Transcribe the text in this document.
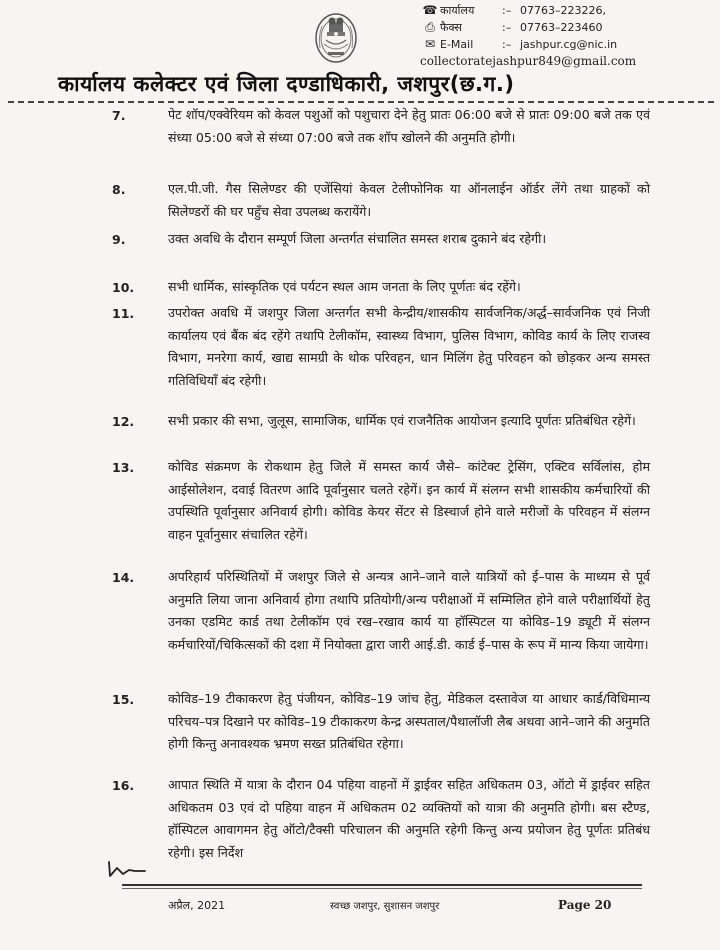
☎ कार्यालय	:– 07763–223226,
⎙ फैक्स	:– 07763–223460
✉ E-Mail	:– jashpur.cg@nic.in
collectoratejashpur849@gmail.com
कार्यालय कलेक्टर एवं जिला दण्डाधिकारी, जशपुर(छ.ग.)
7.	पेट शॉप/एक्वेरियम को केवल पशुओं को पशुचारा देने हेतु प्रातः 06:00 बजे से प्रातः 09:00 बजे तक एवं संध्या 05:00 बजे से संध्या 07:00 बजे तक शॉप खोलने की अनुमति होगी।
8.	एल.पी.जी. गैस सिलेण्डर की एजेंसियां केवल टेलीफोनिक या ऑनलाईन ऑर्डर लेंगे तथा ग्राहकों को सिलेण्डरों की घर पहुँच सेवा उपलब्ध करायेंगे।
9.	उक्त अवधि के दौरान सम्पूर्ण जिला अन्तर्गत संचालित समस्त शराब दुकाने बंद रहेगी।
10.	सभी धार्मिक, सांस्कृतिक एवं पर्यटन स्थल आम जनता के लिए पूर्णतः बंद रहेंगे।
11.	उपरोक्त अवधि में जशपुर जिला अन्तर्गत सभी केन्द्रीय/शासकीय सार्वजनिक/अर्द्ध–सार्वजनिक एवं निजी कार्यालय एवं बैंक बंद रहेंगे तथापि टेलीकॉम, स्वास्थ्य विभाग, पुलिस विभाग, कोविड कार्य के लिए राजस्व विभाग, मनरेगा कार्य, खाद्य सामग्री के थोक परिवहन, धान मिलिंग हेतु परिवहन को छोड़कर अन्य समस्त गतिविधियॉं बंद रहेगी।
12.	सभी प्रकार की सभा, जुलूस, सामाजिक, धार्मिक एवं राजनैतिक आयोजन इत्यादि पूर्णतः प्रतिबंधित रहेगें।
13.	कोविड संक्रमण के रोकथाम हेतु जिले में समस्त कार्य जैसे– कांटेक्ट ट्रेसिंग, एक्टिव सर्विलांस, होम आईसोलेशन, दवाई वितरण आदि पूर्वानुसार चलते रहेगें। इन कार्य में संलग्न सभी शासकीय कर्मचारियों की उपस्थिति पूर्वानुसार अनिवार्य होगी। कोविड केयर सेंटर से डिस्चार्ज होने वाले मरीजों के परिवहन में संलग्न वाहन पूर्वानुसार संचालित रहेगें।
14.	अपरिहार्य परिस्थितियों में जशपुर जिले से अन्यत्र आने–जाने वाले यात्रियों को ई–पास के माध्यम से पूर्व अनुमति लिया जाना अनिवार्य होगा तथापि प्रतियोगी/अन्य परीक्षाओं में सम्मिलित होने वाले परीक्षार्थियों हेतु उनका एडमिट कार्ड तथा टेलीकॉम एवं रख–रखाव कार्य या हॉस्पिटल या कोविड–19 ड्यूटी में संलग्न कर्मचारियों/चिकित्सकों की दशा में नियोक्ता द्वारा जारी आई.डी. कार्ड ई–पास के रूप में मान्य किया जायेगा।
15.	कोविड–19 टीकाकरण हेतु पंजीयन, कोविड–19 जांच हेतु, मेडिकल दस्तावेज या आधार कार्ड/विधिमान्य परिचय–पत्र दिखाने पर कोविड–19 टीकाकरण केन्द्र अस्पताल/पैथालॉजी लैब अथवा आने–जाने की अनुमति होगी किन्तु अनावश्यक भ्रमण सख्त प्रतिबंधित रहेगा।
16.	आपात स्थिति में यात्रा के दौरान 04 पहिया वाहनों में ड्राईवर सहित अधिकतम 03, ऑटो में ड्राईवर सहित अधिकतम 03 एवं दो पहिया वाहन में अधिकतम 02 व्यक्तियों को यात्रा की अनुमति होगी। बस स्टैण्ड, हॉस्पिटल आवागमन हेतु ऑटो/टैक्सी परिचालन की अनुमति रहेगी किन्तु अन्य प्रयोजन हेतु पूर्णतः प्रतिबंध रहेगी। इस निर्देश
अप्रैल, 2021	स्वच्छ जशपुर, सुशासन जशपुर	Page 20
